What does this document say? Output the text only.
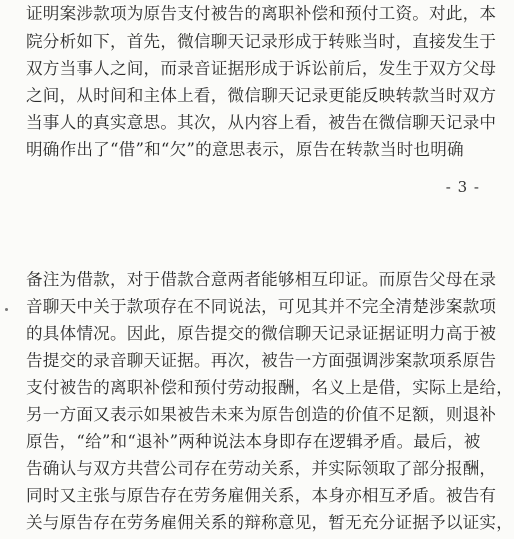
证明案涉款项为原告支付被告的离职补偿和预付工资。对此，本
院分析如下，首先，微信聊天记录形成于转账当时，直接发生于
双方当事人之间，而录音证据形成于诉讼前后，发生于双方父母
之间，从时间和主体上看，微信聊天记录更能反映转款当时双方
当事人的真实意思。其次，从内容上看，被告在微信聊天记录中
明确作出了“借”和“欠”的意思表示，原告在转款当时也明确
- 3 -
备注为借款，对于借款合意两者能够相互印证。而原告父母在录
音聊天中关于款项存在不同说法，可见其并不完全清楚涉案款项
的具体情况。因此，原告提交的微信聊天记录证据证明力高于被
告提交的录音聊天证据。再次，被告一方面强调涉案款项系原告
支付被告的离职补偿和预付劳动报酬，名义上是借，实际上是给，
另一方面又表示如果被告未来为原告创造的价值不足额，则退补
原告，“给”和“退补”两种说法本身即存在逻辑矛盾。最后，被
告确认与双方共营公司存在劳动关系，并实际领取了部分报酬，
同时又主张与原告存在劳务雇佣关系，本身亦相互矛盾。被告有
关与原告存在劳务雇佣关系的辩称意见，暂无充分证据予以证实，
